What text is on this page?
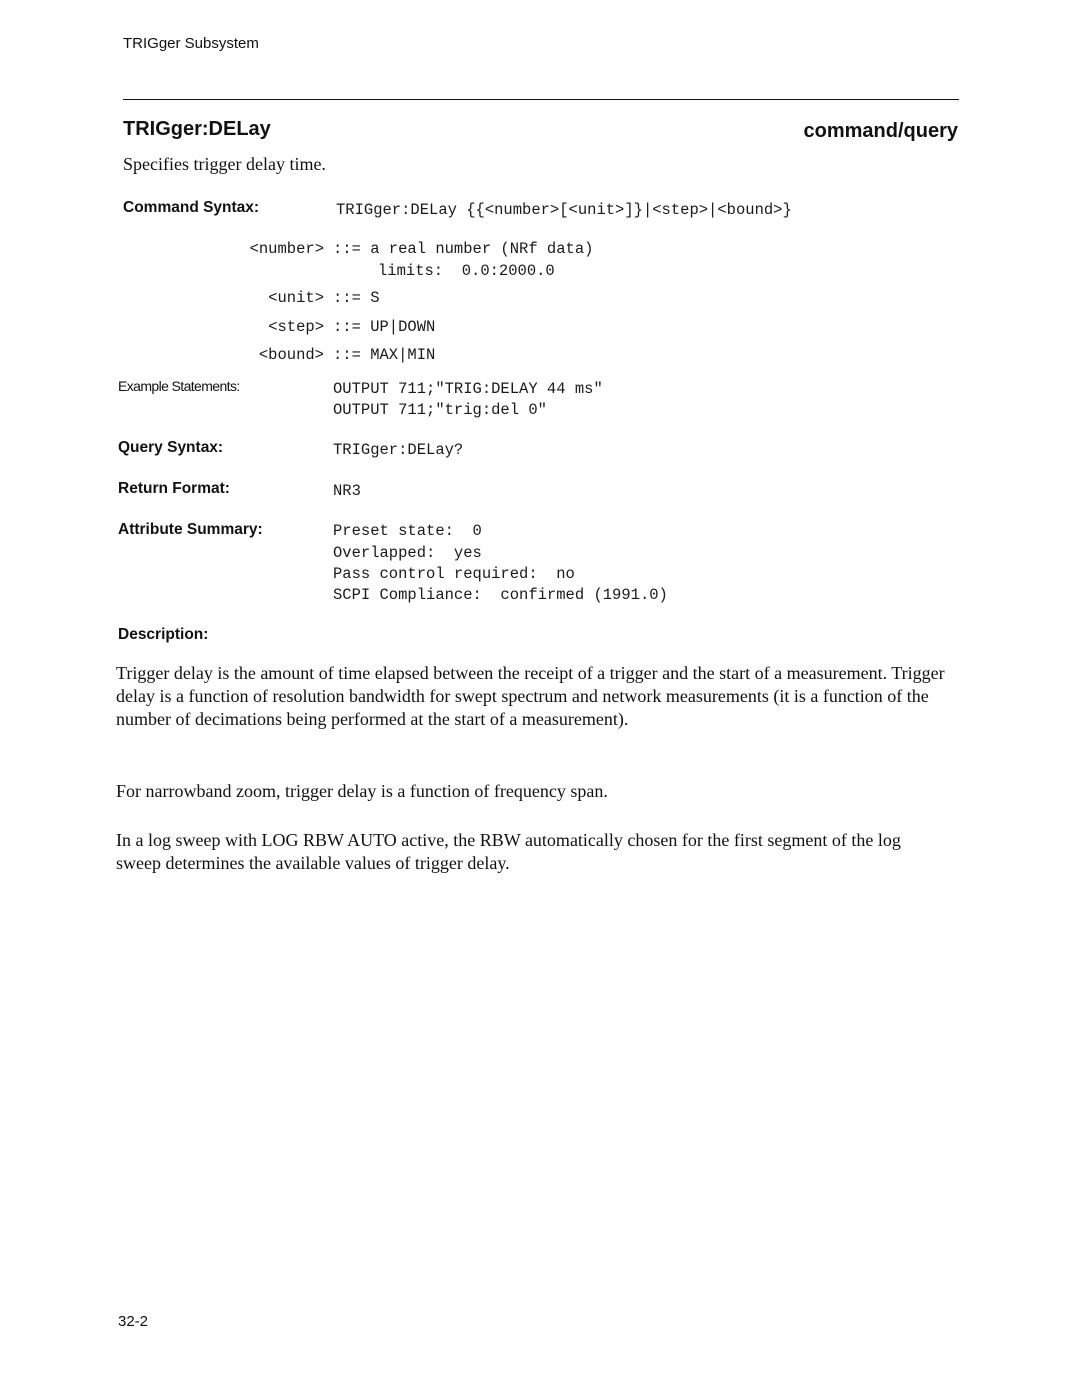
TRIGger Subsystem
TRIGger:DELay	command/query
Specifies trigger delay time.
Command Syntax:	TRIGger:DELay {{<number>[<unit>]}|<step>|<bound>}
<number> ::= a real number (NRf data)
limits:  0.0:2000.0
<unit> ::= S
<step> ::= UP|DOWN
<bound> ::= MAX|MIN
Example Statements:	OUTPUT 711;"TRIG:DELAY 44 ms"
OUTPUT 711;"trig:del 0"
Query Syntax:	TRIGger:DELay?
Return Format:	NR3
Attribute Summary:	Preset state:  0
Overlapped:  yes
Pass control required:  no
SCPI Compliance:  confirmed (1991.0)
Description:
Trigger delay is the amount of time elapsed between the receipt of a trigger and the start of a measurement. Trigger delay is a function of resolution bandwidth for swept spectrum and network measurements (it is a function of the number of decimations being performed at the start of a measurement).
For narrowband zoom, trigger delay is a function of frequency span.
In a log sweep with LOG RBW AUTO active, the RBW automatically chosen for the first segment of the log sweep determines the available values of trigger delay.
32-2
